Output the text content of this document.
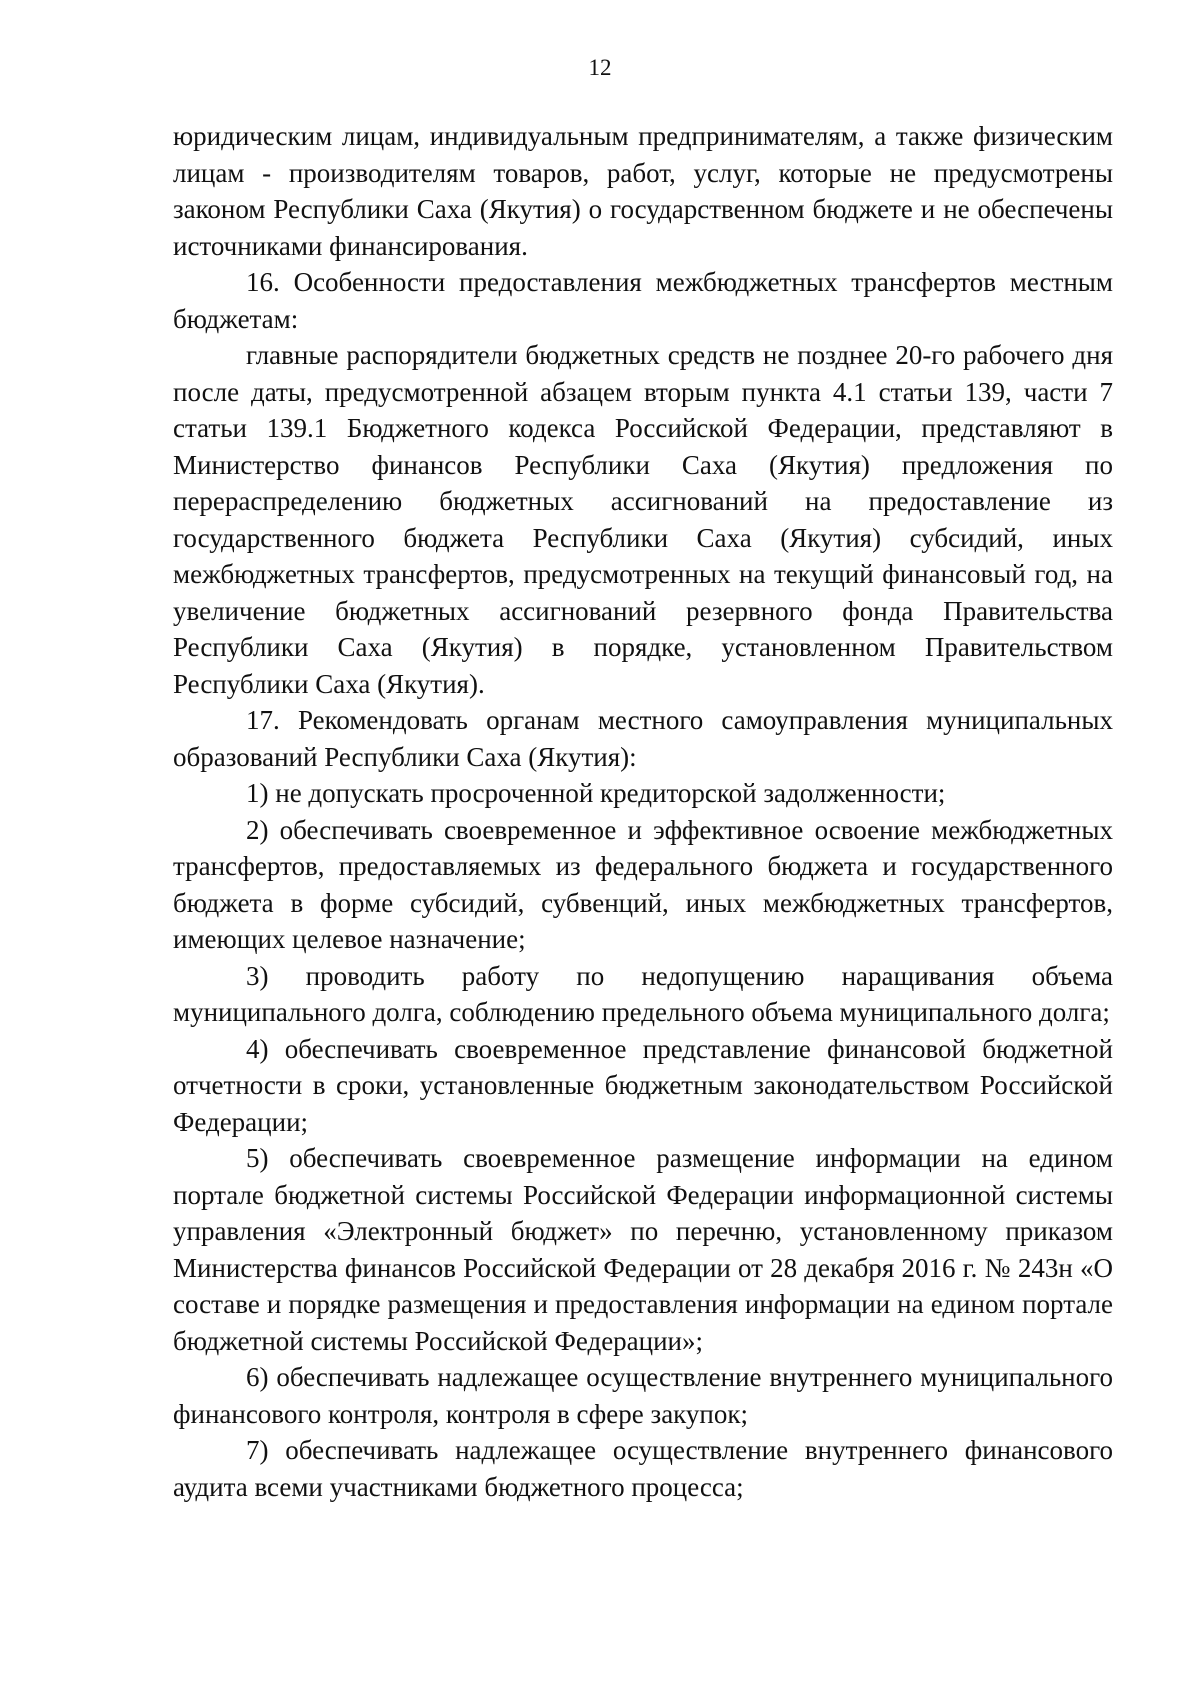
12

юридическим лицам, индивидуальным предпринимателям, а также физическим лицам - производителям товаров, работ, услуг, которые не предусмотрены законом Республики Саха (Якутия) о государственном бюджете и не обеспечены источниками финансирования.

16. Особенности предоставления межбюджетных трансфертов местным бюджетам:

главные распорядители бюджетных средств не позднее 20-го рабочего дня после даты, предусмотренной абзацем вторым пункта 4.1 статьи 139, части 7 статьи 139.1 Бюджетного кодекса Российской Федерации, представляют в Министерство финансов Республики Саха (Якутия) предложения по перераспределению бюджетных ассигнований на предоставление из государственного бюджета Республики Саха (Якутия) субсидий, иных межбюджетных трансфертов, предусмотренных на текущий финансовый год, на увеличение бюджетных ассигнований резервного фонда Правительства Республики Саха (Якутия) в порядке, установленном Правительством Республики Саха (Якутия).

17. Рекомендовать органам местного самоуправления муниципальных образований Республики Саха (Якутия):

1) не допускать просроченной кредиторской задолженности;

2) обеспечивать своевременное и эффективное освоение межбюджетных трансфертов, предоставляемых из федерального бюджета и государственного бюджета в форме субсидий, субвенций, иных межбюджетных трансфертов, имеющих целевое назначение;

3) проводить работу по недопущению наращивания объема муниципального долга, соблюдению предельного объема муниципального долга;

4) обеспечивать своевременное представление финансовой бюджетной отчетности в сроки, установленные бюджетным законодательством Российской Федерации;

5) обеспечивать своевременное размещение информации на едином портале бюджетной системы Российской Федерации информационной системы управления «Электронный бюджет» по перечню, установленному приказом Министерства финансов Российской Федерации от 28 декабря 2016 г. № 243н «О составе и порядке размещения и предоставления информации на едином портале бюджетной системы Российской Федерации»;

6) обеспечивать надлежащее осуществление внутреннего муниципального финансового контроля, контроля в сфере закупок;

7) обеспечивать надлежащее осуществление внутреннего финансового аудита всеми участниками бюджетного процесса;
